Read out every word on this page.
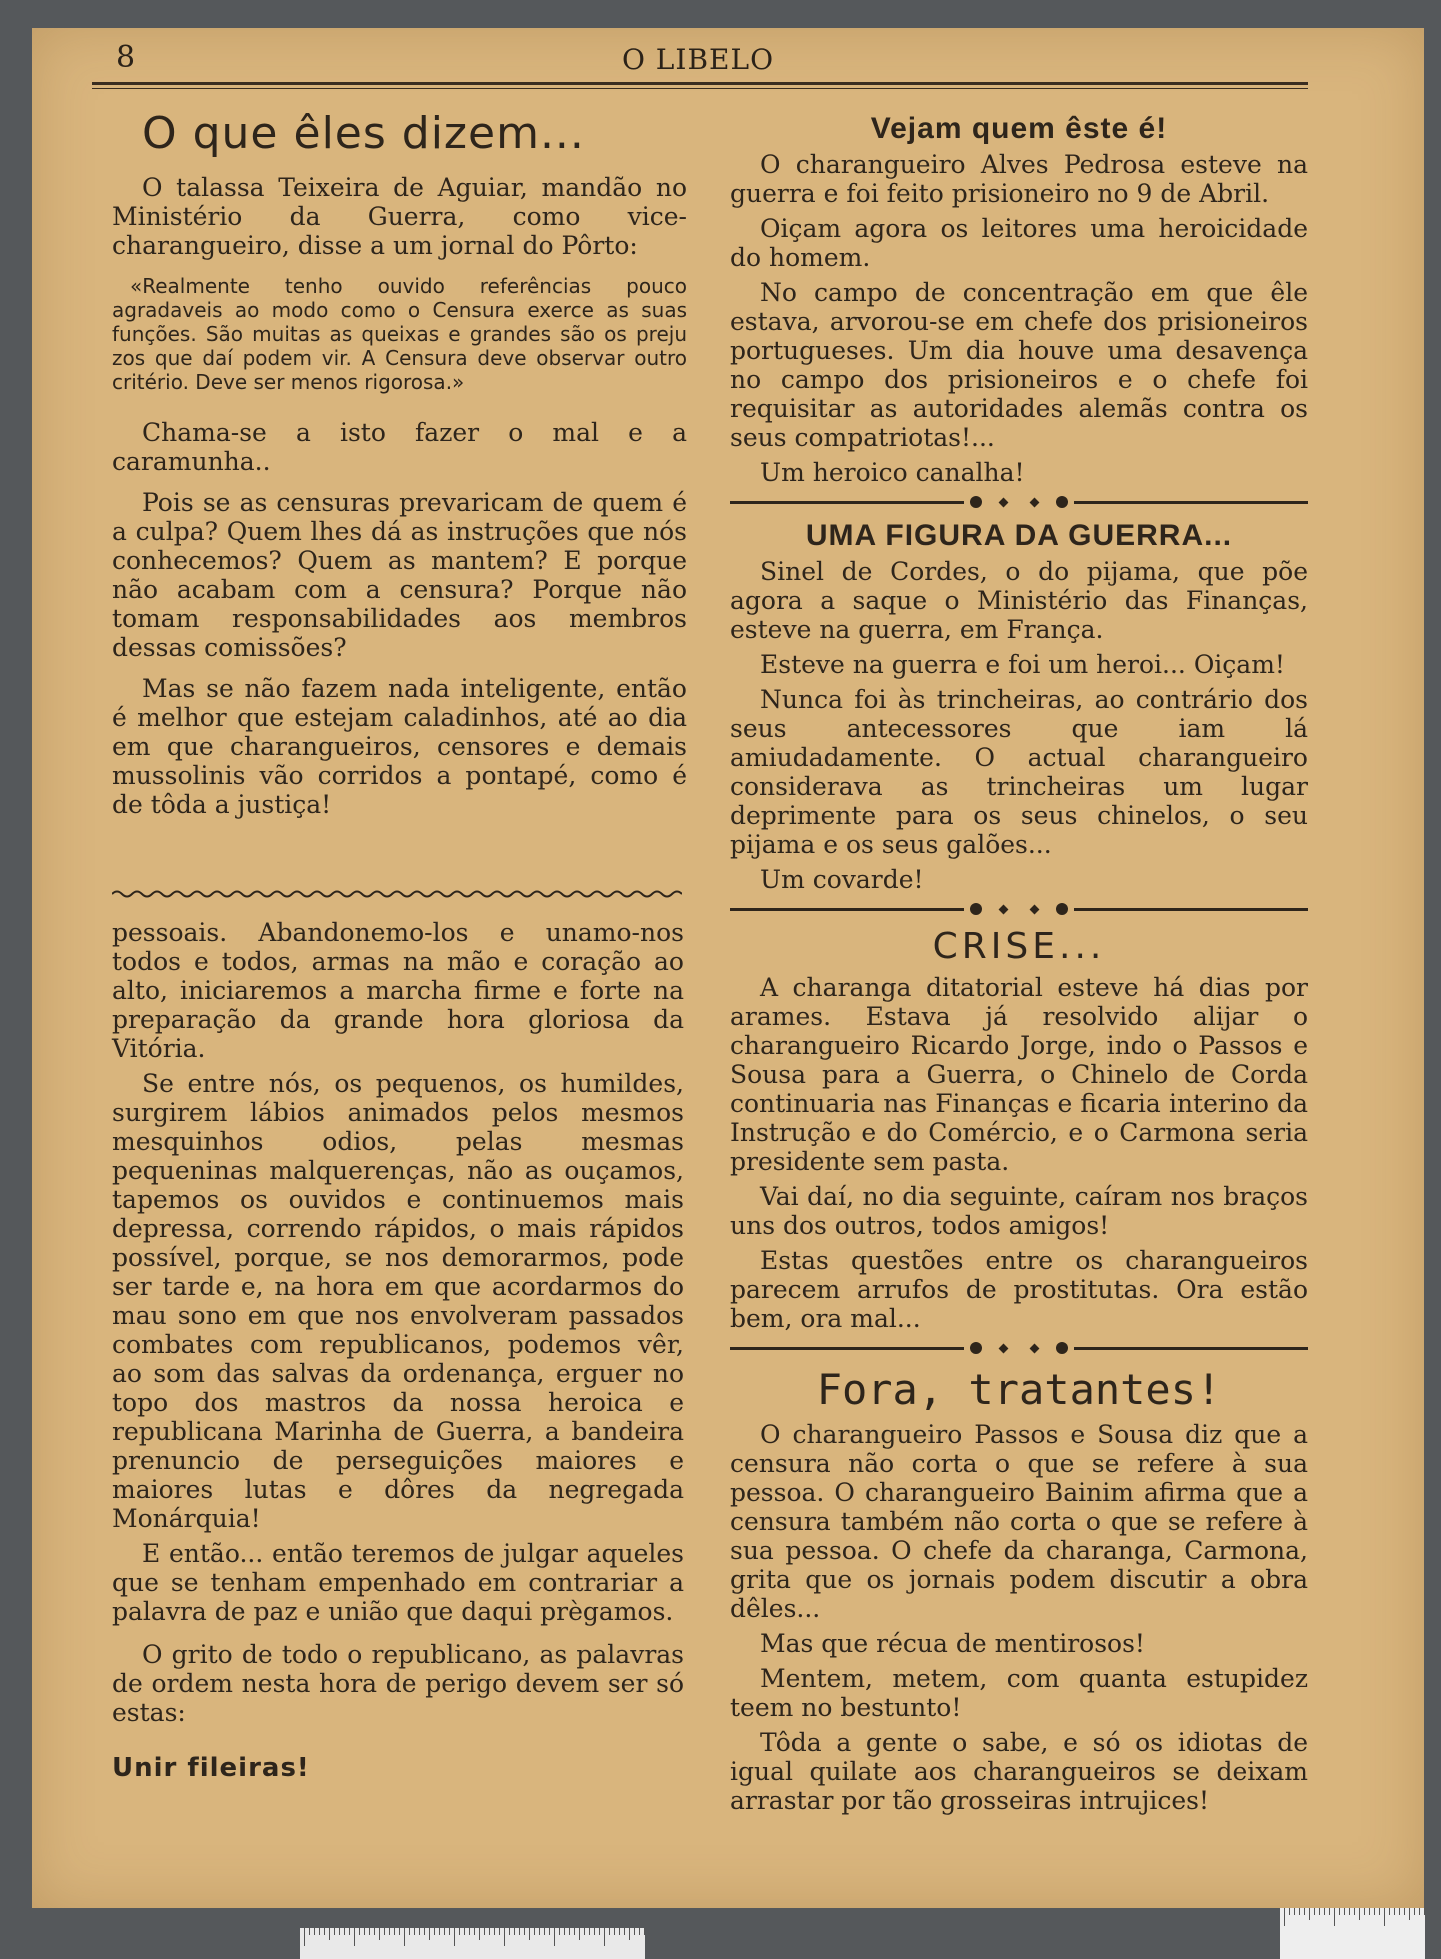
8	O LIBELO
O que êles dizem...

O talassa Teixeira de Aguiar, mandão no Ministério da Guerra, como vice-charangueiro, disse a um jornal do Pôrto:

«Realmente tenho ouvido referências pouco agradaveis ao modo como o Censura exerce as suas funções. São muitas as queixas e grandes são os preju zos que daí podem vir. A Censura deve observar outro critério. Deve ser menos rigorosa.»

Chama-se a isto fazer o mal e a caramunha..

Pois se as censuras prevaricam de quem é a culpa? Quem lhes dá as instruções que nós conhecemos? Quem as mantem? E porque não acabam com a censura? Porque não tomam responsabilidades aos membros dessas comissões?

Mas se não fazem nada inteligente, então é melhor que estejam caladinhos, até ao dia em que charangueiros, censores e demais mussolinis vão corridos a pontapé, como é de tôda a justiça!

pessoais. Abandonemo-los e unamo-nos todos e todos, armas na mão e coração ao alto, iniciaremos a marcha firme e forte na preparação da grande hora gloriosa da Vitória.

Se entre nós, os pequenos, os humildes, surgirem lábios animados pelos mesmos mesquinhos odios, pelas mesmas pequeninas malquerenças, não as ouçamos, tapemos os ouvidos e continuemos mais depressa, correndo rápidos, o mais rápidos possível, porque, se nos demorarmos, pode ser tarde e, na hora em que acordarmos do mau sono em que nos envolveram passados combates com republicanos, podemos vêr, ao som das salvas da ordenança, erguer no topo dos mastros da nossa heroica e republicana Marinha de Guerra, a bandeira prenuncio de perseguições maiores e maiores lutas e dôres da negregada Monárquia!

E então... então teremos de julgar aqueles que se tenham empenhado em contrariar a palavra de paz e união que daqui prègamos.

O grito de todo o republicano, as palavras de ordem nesta hora de perigo devem ser só estas:

Unir fileiras!
Vejam quem êste é!

O charangueiro Alves Pedrosa esteve na guerra e foi feito prisioneiro no 9 de Abril.

Oiçam agora os leitores uma heroicidade do homem.

No campo de concentração em que êle estava, arvorou-se em chefe dos prisioneiros portugueses. Um dia houve uma desavença no campo dos prisioneiros e o chefe foi requisitar as autoridades alemãs contra os seus compatriotas!...

Um heroico canalha!

UMA FIGURA DA GUERRA...

Sinel de Cordes, o do pijama, que põe agora a saque o Ministério das Finanças, esteve na guerra, em França.

Esteve na guerra e foi um heroi... Oiçam!

Nunca foi às trincheiras, ao contrário dos seus antecessores que iam lá amiudadamente. O actual charangueiro considerava as trincheiras um lugar deprimente para os seus chinelos, o seu pijama e os seus galões...

Um covarde!

CRISE...

A charanga ditatorial esteve há dias por arames. Estava já resolvido alijar o charangueiro Ricardo Jorge, indo o Passos e Sousa para a Guerra, o Chinelo de Corda continuaria nas Finanças e ficaria interino da Instrução e do Comércio, e o Carmona seria presidente sem pasta.

Vai daí, no dia seguinte, caíram nos braços uns dos outros, todos amigos!

Estas questões entre os charangueiros parecem arrufos de prostitutas. Ora estão bem, ora mal...

Fora, tratantes!

O charangueiro Passos e Sousa diz que a censura não corta o que se refere à sua pessoa. O charangueiro Bainim afirma que a censura também não corta o que se refere à sua pessoa. O chefe da charanga, Carmona, grita que os jornais podem discutir a obra dêles...

Mas que récua de mentirosos!

Mentem, metem, com quanta estupidez teem no bestunto!

Tôda a gente o sabe, e só os idiotas de igual quilate aos charangueiros se deixam arrastar por tão grosseiras intrujices!
